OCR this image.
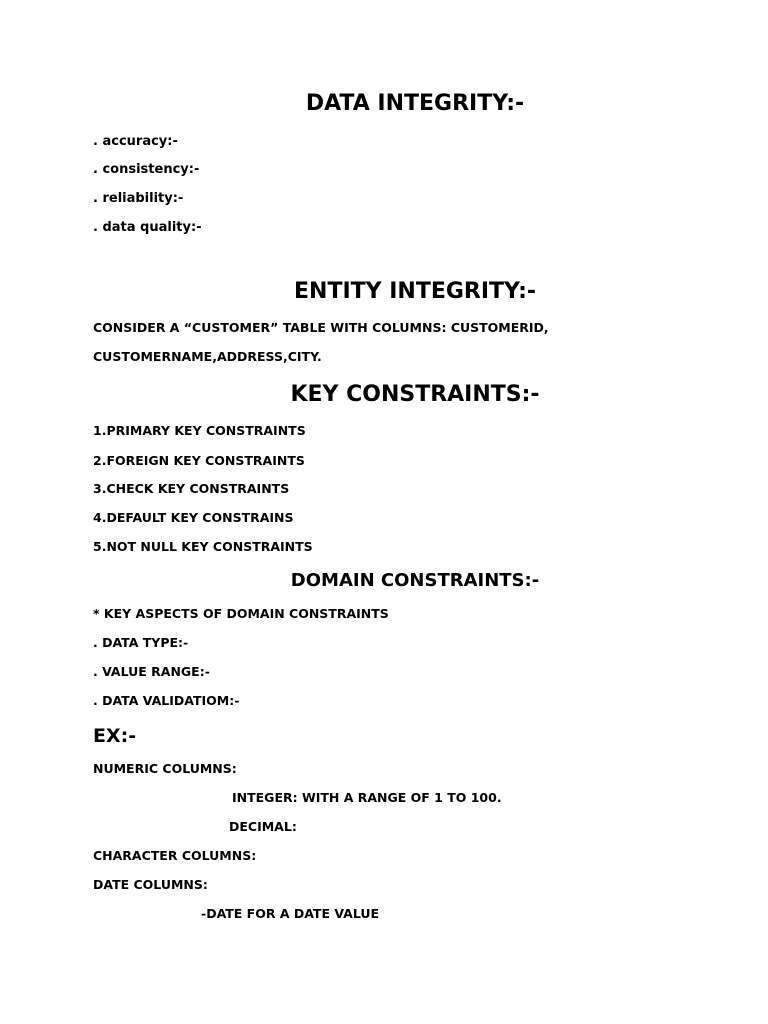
DATA INTEGRITY:-
. accuracy:-
. consistency:-
. reliability:-
. data quality:-
ENTITY INTEGRITY:-
CONSIDER A “CUSTOMER” TABLE WITH COLUMNS: CUSTOMERID,
CUSTOMERNAME,ADDRESS,CITY.
KEY CONSTRAINTS:-
1.PRIMARY KEY CONSTRAINTS
2.FOREIGN KEY CONSTRAINTS
3.CHECK KEY CONSTRAINTS
4.DEFAULT KEY CONSTRAINS
5.NOT NULL KEY CONSTRAINTS
DOMAIN CONSTRAINTS:-
* KEY ASPECTS OF DOMAIN CONSTRAINTS
. DATA TYPE:-
. VALUE RANGE:-
. DATA VALIDATIOM:-
EX:-
NUMERIC COLUMNS:
INTEGER: WITH A RANGE OF 1 TO 100.
DECIMAL:
CHARACTER COLUMNS:
DATE COLUMNS:
-DATE FOR A DATE VALUE
